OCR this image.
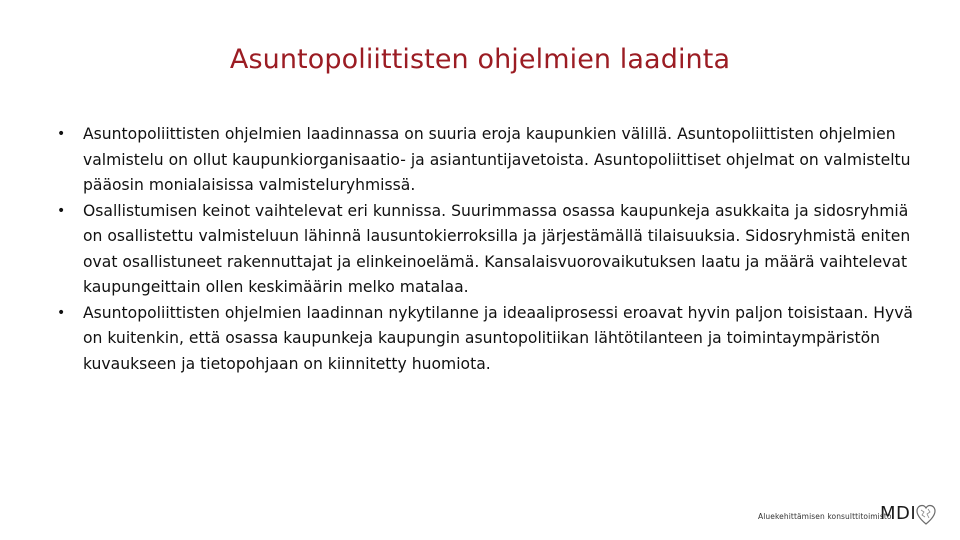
Asuntopoliittisten ohjelmien laadinta
•	Asuntopoliittisten ohjelmien laadinnassa on suuria eroja kaupunkien välillä. Asuntopoliittisten ohjelmien valmistelu on ollut kaupunkiorganisaatio- ja asiantuntijavetoista. Asuntopoliittiset ohjelmat on valmisteltu pääosin monialaisissa valmisteluryhmissä.
•	Osallistumisen keinot vaihtelevat eri kunnissa. Suurimmassa osassa kaupunkeja asukkaita ja sidosryhmiä on osallistettu valmisteluun lähinnä lausuntokierroksilla ja järjestämällä tilaisuuksia. Sidosryhmistä eniten ovat osallistuneet rakennuttajat ja elinkeinoelämä. Kansalaisvuorovaikutuksen laatu ja määrä vaihtelevat kaupungeittain ollen keskimäärin melko matalaa.
•	Asuntopoliittisten ohjelmien laadinnan nykytilanne ja ideaaliprosessi eroavat hyvin paljon toisistaan. Hyvä on kuitenkin, että osassa kaupunkeja kaupungin asuntopolitiikan lähtötilanteen ja toimintaympäristön kuvaukseen ja tietopohjaan on kiinnitetty huomiota.
Aluekehittämisen konsulttitoimisto
MDI
